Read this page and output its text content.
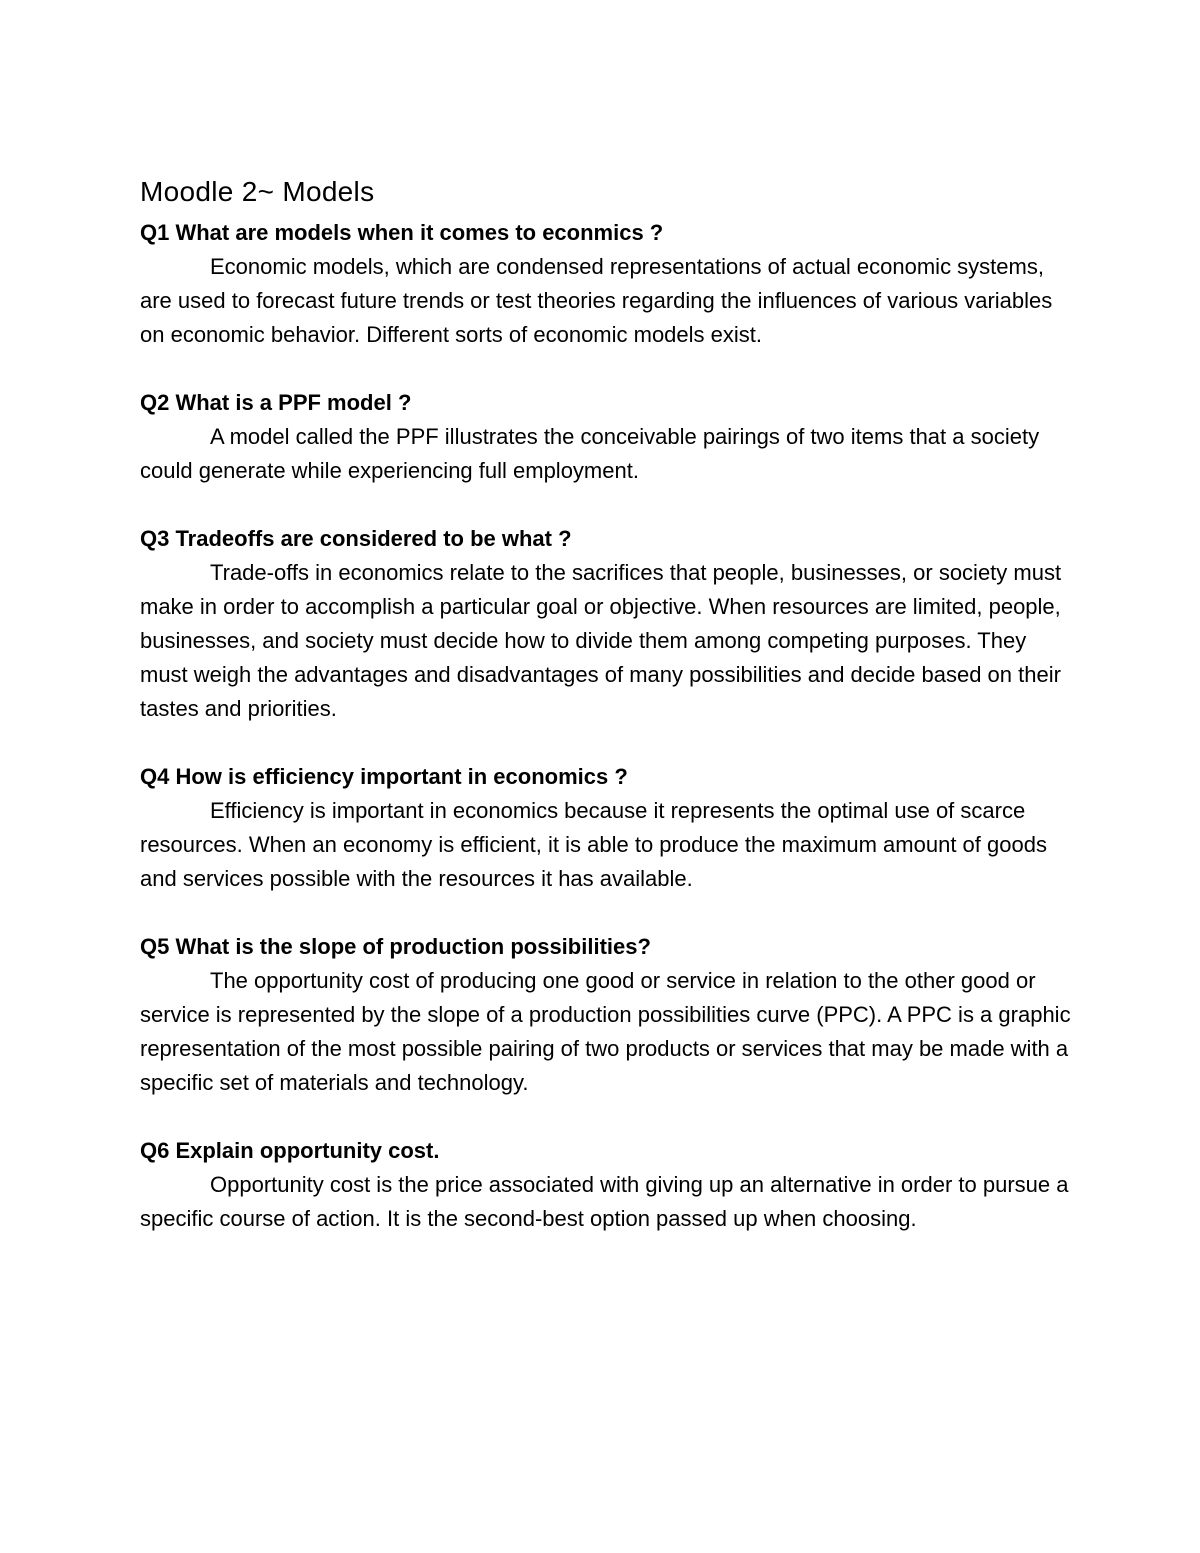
Moodle 2~ Models

Q1 What are models when it comes to econmics ?

Economic models, which are condensed representations of actual economic systems, are used to forecast future trends or test theories regarding the influences of various variables on economic behavior. Different sorts of economic models exist.

Q2 What is a PPF model ?

A model called the PPF illustrates the conceivable pairings of two items that a society could generate while experiencing full employment.

Q3 Tradeoffs are considered to be what ?

Trade-offs in economics relate to the sacrifices that people, businesses, or society must make in order to accomplish a particular goal or objective. When resources are limited, people, businesses, and society must decide how to divide them among competing purposes. They must weigh the advantages and disadvantages of many possibilities and decide based on their tastes and priorities.

Q4 How is efficiency important in economics ?

Efficiency is important in economics because it represents the optimal use of scarce resources. When an economy is efficient, it is able to produce the maximum amount of goods and services possible with the resources it has available.

Q5 What is the slope of production possibilities?

The opportunity cost of producing one good or service in relation to the other good or service is represented by the slope of a production possibilities curve (PPC). A PPC is a graphic representation of the most possible pairing of two products or services that may be made with a specific set of materials and technology.

Q6 Explain opportunity cost.

Opportunity cost is the price associated with giving up an alternative in order to pursue a specific course of action. It is the second-best option passed up when choosing.
